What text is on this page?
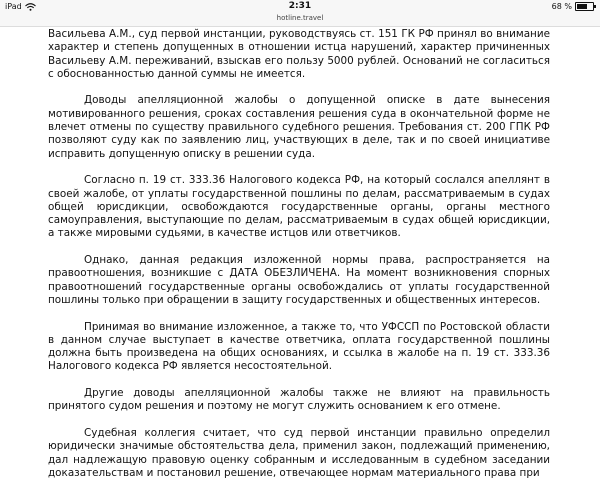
iPad	2:31
hotline.travel
68 %

Васильева А.М., суд первой инстанции, руководствуясь ст. 151 ГК РФ принял во внимание характер и степень допущенных в отношении истца нарушений, характер причиненных Васильеву А.М. переживаний, взыскав его пользу 5000 рублей. Оснований не согласиться с обоснованностью данной суммы не имеется.

Доводы апелляционной жалобы о допущенной описке в дате вынесения мотивированного решения, сроках составления решения суда в окончательной форме не влечет отмены по существу правильного судебного решения. Требования ст. 200 ГПК РФ позволяют суду как по заявлению лиц, участвующих в деле, так и по своей инициативе исправить допущенную описку в решении суда.

Согласно п. 19 ст. 333.36 Налогового кодекса РФ, на который сослался апеллянт в своей жалобе, от уплаты государственной пошлины по делам, рассматриваемым в судах общей юрисдикции, освобождаются государственные органы, органы местного самоуправления, выступающие по делам, рассматриваемым в судах общей юрисдикции, а также мировыми судьями, в качестве истцов или ответчиков.

Однако, данная редакция изложенной нормы права, распространяется на правоотношения, возникшие с ДАТА ОБЕЗЛИЧЕНА. На момент возникновения спорных правоотношений государственные органы освобождались от уплаты государственной пошлины только при обращении в защиту государственных и общественных интересов.

Принимая во внимание изложенное, а также то, что УФССП по Ростовской области в данном случае выступает в качестве ответчика, оплата государственной пошлины должна быть произведена на общих основаниях, и ссылка в жалобе на п. 19 ст. 333.36 Налогового кодекса РФ является несостоятельной.

Другие доводы апелляционной жалобы также не влияют на правильность принятого судом решения и поэтому не могут служить основанием к его отмене.

Судебная коллегия считает, что суд первой инстанции правильно определил юридически значимые обстоятельства дела, применил закон, подлежащий применению, дал надлежащую правовую оценку собранным и исследованным в судебном заседании доказательствам и постановил решение, отвечающее нормам материального права при
